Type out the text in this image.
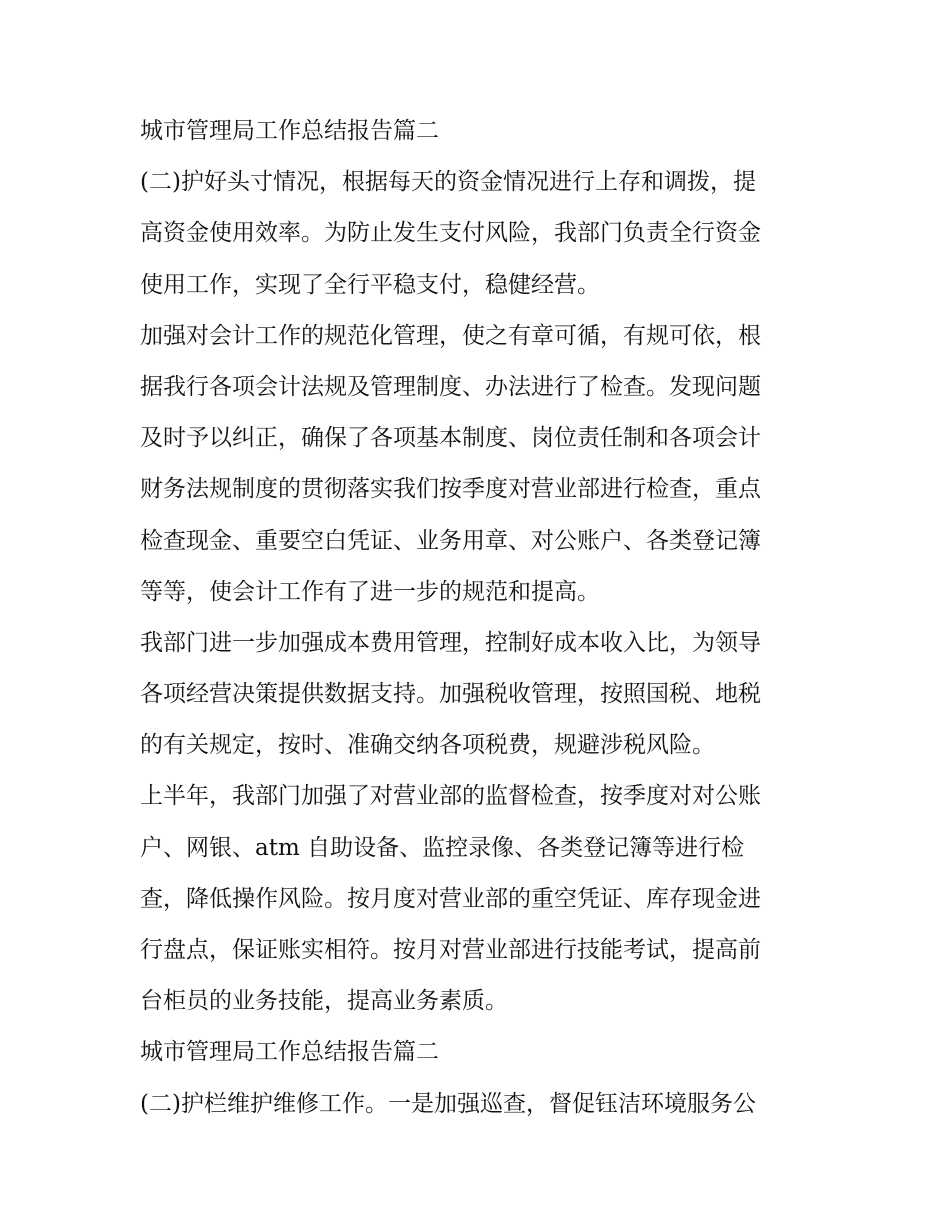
城市管理局工作总结报告篇二
(二)护好头寸情况，根据每天的资金情况进行上存和调拨，提
高资金使用效率。为防止发生支付风险，我部门负责全行资金
使用工作，实现了全行平稳支付，稳健经营。
加强对会计工作的规范化管理，使之有章可循，有规可依，根
据我行各项会计法规及管理制度、办法进行了检查。发现问题
及时予以纠正，确保了各项基本制度、岗位责任制和各项会计
财务法规制度的贯彻落实我们按季度对营业部进行检查，重点
检查现金、重要空白凭证、业务用章、对公账户、各类登记簿
等等，使会计工作有了进一步的规范和提高。
我部门进一步加强成本费用管理，控制好成本收入比，为领导
各项经营决策提供数据支持。加强税收管理，按照国税、地税
的有关规定，按时、准确交纳各项税费，规避涉税风险。
上半年，我部门加强了对营业部的监督检查，按季度对对公账
户、网银、atm 自助设备、监控录像、各类登记簿等进行检
查，降低操作风险。按月度对营业部的重空凭证、库存现金进
行盘点，保证账实相符。按月对营业部进行技能考试，提高前
台柜员的业务技能，提高业务素质。
城市管理局工作总结报告篇二
(二)护栏维护维修工作。一是加强巡查，督促钰洁环境服务公
